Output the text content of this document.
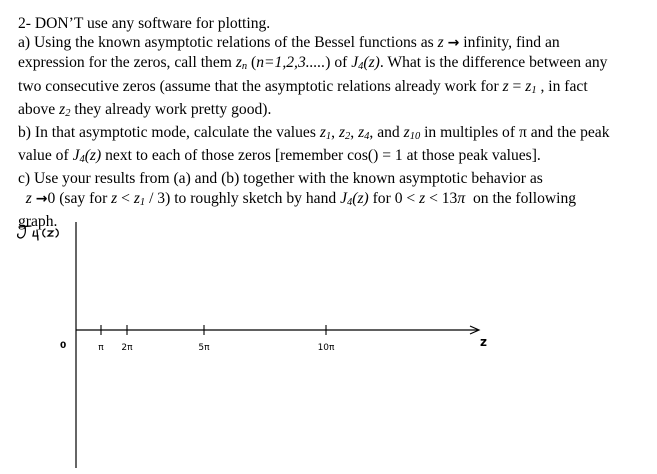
2- DON’T use any software for plotting.
a) Using the known asymptotic relations of the Bessel functions as z → infinity, find an
expression for the zeros, call them zn (n=1,2,3.....) of J4(z). What is the difference between any
two consecutive zeros (assume that the asymptotic relations already work for z = z1 , in fact
above z2 they already work pretty good).
b) In that asymptotic mode, calculate the values z1, z2, z4, and z10 in multiples of π and the peak
value of J4(z) next to each of those zeros [remember cos() = 1 at those peak values].
c) Use your results from (a) and (b) together with the known asymptotic behavior as
z →0 (say for z < z1 / 3) to roughly sketch by hand J4(z) for 0 < z < 13π  on the following
graph.
J₄(z)
z
0	π 2π	5π	10π
